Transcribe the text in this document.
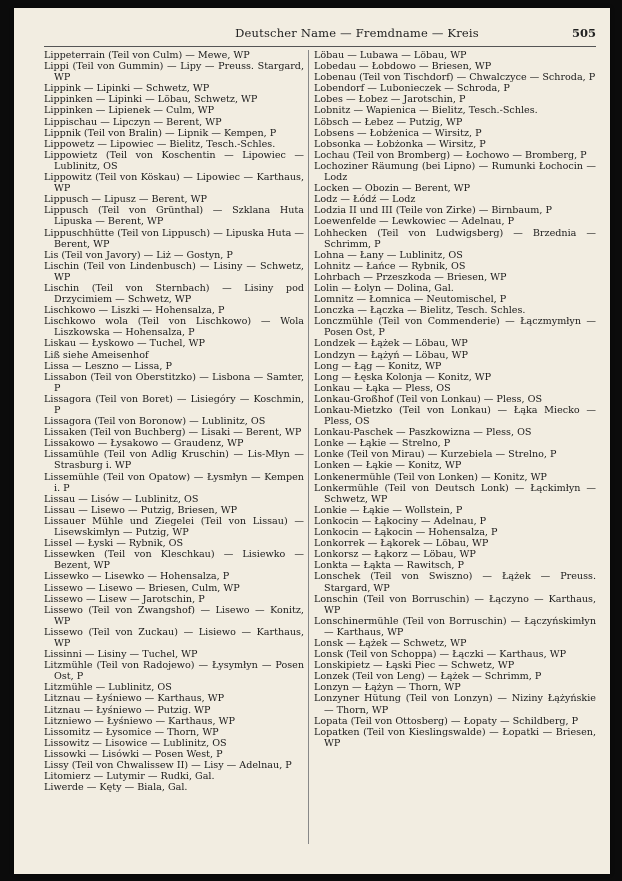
Deutscher Name — Fremdname — Kreis	505

Lippeterrain (Teil von Culm) — Mewe, WP

Lippi (Teil von Gummin) — Lipy — Preuss. Stargard, WP

Lippink — Lipinki — Schwetz, WP

Lippinken — Lipinki — Löbau, Schwetz, WP

Lippinken — Lipienek — Culm, WP

Lippischau — Lipczyn — Berent, WP

Lippnik (Teil von Bralin) — Lipnik — Kempen, P

Lippowetz — Lipowiec — Bielitz, Tesch.-Schles.

Lippowietz (Teil von Koschentin — Lipowiec — Lublinitz, OS

Lippowitz (Teil von Köskau) — Lipowiec — Karthaus, WP

Lippusch — Lipusz — Berent, WP

Lippusch (Teil von Grünthal) — Szklana Huta Lipuska — Berent, WP

Lippuschhütte (Teil von Lippusch) — Lipuska Huta — Berent, WP

Lis (Teil von Javory) — Liż — Gostyn, P

Lischin (Teil von Lindenbusch) — Lisiny — Schwetz, WP

Lischin (Teil von Sternbach) — Lisiny pod Drzycimiem — Schwetz, WP

Lischkowo — Liszki — Hohensalza, P

Lischkowo wola (Teil von Lischkowo) — Wola Liszkowska — Hohensalza, P

Liskau — Łyskowo — Tuchel, WP

Liß siehe Ameisenhof

Lissa — Leszno — Lissa, P

Lissabon (Teil von Oberstitzko) — Lisbona — Samter, P

Lissagora (Teil von Boret) — Lisiegóry — Koschmin, P

Lissagora (Teil von Boronow) — Lublinitz, OS

Lissaken (Teil von Buchberg) — Lisaki — Berent, WP

Lissakowo — Łysakowo — Graudenz, WP

Lissamühle (Teil von Adlig Kruschin) — Lis-Młyn — Strasburg i. WP

Lissemühle (Teil von Opatow) — Łysmłyn — Kempen i. P

Lissau — Lisów — Lublinitz, OS

Lissau — Lisewo — Putzig, Briesen, WP

Lissauer Mühle und Ziegelei (Teil von Lissau) — Lisewskimłyn — Putzig, WP

Lissel — Łyski — Rybnik, OS

Lissewken (Teil von Kleschkau) — Lisiewko — Bezent, WP

Lissewko — Lisewko — Hohensalza, P

Lissewo — Lisewo — Briesen, Culm, WP

Lissewo — Lisew — Jarotschin, P

Lissewo (Teil von Zwangshof) — Lisewo — Konitz, WP

Lissewo (Teil von Zuckau) — Lisiewo — Karthaus, WP

Lissinni — Lisiny — Tuchel, WP

Litzmühle (Teil von Radojewo) — Łysymłyn — Posen Ost, P

Litzmühle — Lublinitz, OS

Litznau — Łyśniewo — Karthaus, WP

Litznau — Łyśniewo — Putzig. WP

Litzniewo — Łyśniewo — Karthaus, WP

Lissomitz — Łysomice — Thorn, WP

Lissowitz — Lisowice — Lublinitz, OS

Lissowki — Lisówki — Posen West, P

Lissy (Teil von Chwalissew II) — Lisy — Adelnau, P

Litomierz — Lutymir — Rudki, Gal.

Liwerde — Kęty — Biala, Gal.

Löbau — Lubawa — Löbau, WP

Lobedau — Łobdowo — Briesen, WP

Lobenau (Teil von Tischdorf) — Chwalczyce — Schroda, P

Lobendorf — Lubonieczek — Schroda, P

Lobes — Łobez — Jarotschin, P

Lobnitz — Wapienica — Bielitz, Tesch.-Schles.

Löbsch — Łebez — Putzig, WP

Lobsens — Łobżenica — Wirsitz, P

Lobsonka — Łobżonka — Wirsitz, P

Lochau (Teil von Bromberg) — Łochowo — Bromberg, P

Lochoziner Räumung (bei Lipno) — Rumunki Łochocin — Lodz

Locken — Obozin — Berent, WP

Lodz — Łódź — Lodz

Lodzia II und III (Teile von Zirke) — Birnbaum, P

Loewenfelde — Lewkowiec — Adelnau, P

Lohhecken (Teil von Ludwigsberg) — Brzednia — Schrimm, P

Lohna — Łany — Lublinitz, OS

Lohnitz — Łańce — Rybnik, OS

Lohrbach — Przeszkoda — Briesen, WP

Lolin — Łolyn — Dolina, Gal.

Lomnitz — Łomnica — Neutomischel, P

Lonczka — Łączka — Bielitz, Tesch. Schles.

Lonczmühle (Teil von Commenderie) — Łączmymłyn — Posen Ost, P

Londzek — Łążek — Löbau, WP

Londzyn — Łążyń — Löbau, WP

Long — Łąg — Konitz, WP

Long — Łęska Kolonja — Konitz, WP

Lonkau — Łąka — Pless, OS

Lonkau-Großhof (Teil von Lonkau) — Pless, OS

Lonkau-Mietzko (Teil von Lonkau) — Łąka Miecko — Pless, OS

Lonkau-Paschek — Paszkowizna — Pless, OS

Lonke — Łąkie — Strelno, P

Lonke (Teil von Mirau) — Kurzebiela — Strelno, P

Lonken — Łąkie — Konitz, WP

Lonkenermühle (Teil von Lonken) — Konitz, WP

Lonkermühle (Teil von Deutsch Lonk) — Łąckimłyn — Schwetz, WP

Lonkie — Łąkie — Wollstein, P

Lonkocin — Łąkociny — Adelnau, P

Lonkocin — Łąkocin — Hohensalza, P

Lonkorrek — Łąkorek — Löbau, WP

Lonkorsz — Łąkorz — Löbau, WP

Lonkta — Łąkta — Rawitsch, P

Lonschek (Teil von Swiszno) — Łążek — Preuss. Stargard, WP

Lonschin (Teil von Borruschin) — Łączyno — Karthaus, WP

Lonschinermühle (Teil von Borruschin) — Łączyńskimłyn — Karthaus, WP

Lonsk — Łążek — Schwetz, WP

Lonsk (Teil von Schoppa) — Łączki — Karthaus, WP

Lonskipietz — Łąski Piec — Schwetz, WP

Lonzek (Teil von Leng) — Łążek — Schrimm, P

Lonzyn — Łążyn — Thorn, WP

Lonzyner Hütung (Teil von Lonzyn) — Niziny Łążyńskie — Thorn, WP

Lopata (Teil von Ottosberg) — Łopaty — Schildberg, P

Lopatken (Teil von Kieslingswalde) — Łopatki — Briesen, WP
